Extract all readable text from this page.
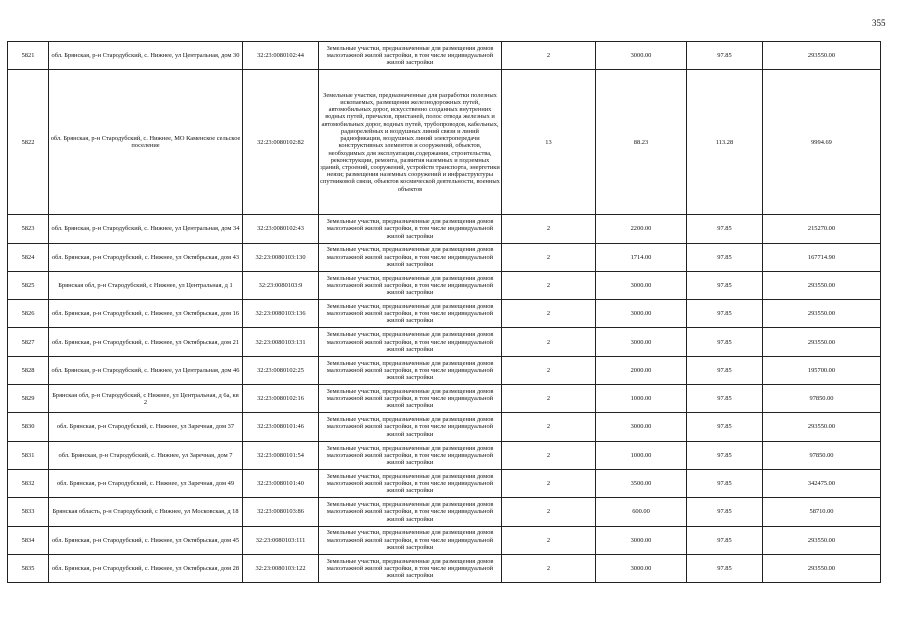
355
5821	обл. Брянская, р-н Стародубский, с. Нижнее, ул Центральная, дом 30	32:23:0080102:44	Земельные участки, предназначенные для размещения домов малоэтажной жилой застройки, в том числе индивидуальной жилой застройки	2	3000.00	97.85	293550.00
5822	обл. Брянская, р-н Стародубский, с. Нижнее, МО Каменское сельское поселение	32:23:0080102:82	Земельные участки, предназначенные для разработки полезных ископаемых, размещения железнодорожных путей, автомобильных дорог, искусственно созданных внутренних водных путей, причалов, пристаней, полос отвода железных и автомобильных дорог, водных путей, трубопроводов, кабельных, радиорелейных и воздушных линий связи и линий радиофикации, воздушных линий электропередачи конструктивных элементов и сооружений, объектов, необходимых для эксплуатации,содержания, строительства, реконструкции, ремонта, развития наземных и подземных зданий, строений, сооружений, устройств транспорта, энергетики неязи; размещения наземных сооружений и инфраструктуры спутниковой связи, объектов космической деятельности, военных объектов	13	88.23	113.28	9994.69
5823	обл. Брянская, р-н Стародубский, с. Нижнее, ул Центральная, дом 34	32:23:0080102:43	Земельные участки, предназначенные для размещения домов малоэтажной жилой застройки, в том числе индивидуальной жилой застройки	2	2200.00	97.85	215270.00
5824	обл. Брянская, р-н Стародубский, с. Нижнее, ул Октябрьская, дом 43	32:23:0080103:130	Земельные участки, предназначенные для размещения домов малоэтажной жилой застройки, в том числе индивидуальной жилой застройки	2	1714.00	97.85	167714.90
5825	Брянская обл, р-н Стародубский, с Нижнее, ул Центральная, д 1	32:23:0080103:9	Земельные участки, предназначенные для размещения домов малоэтажной жилой застройки, в том числе индивидуальной жилой застройки	2	3000.00	97.85	293550.00
5826	обл. Брянская, р-н Стародубский, с. Нижнее, ул Октябрьская, дом 16	32:23:0080103:136	Земельные участки, предназначенные для размещения домов малоэтажной жилой застройки, в том числе индивидуальной жилой застройки	2	3000.00	97.85	293550.00
5827	обл. Брянская, р-н Стародубский, с. Нижнее, ул Октябрьская, дом 21	32:23:0080103:131	Земельные участки, предназначенные для размещения домов малоэтажной жилой застройки, в том числе индивидуальной жилой застройки	2	3000.00	97.85	293550.00
5828	обл. Брянская, р-н Стародубский, с. Нижнее, ул Центральная, дом 46	32:23:0080102:25	Земельные участки, предназначенные для размещения домов малоэтажной жилой застройки, в том числе индивидуальной жилой застройки	2	2000.00	97.85	195700.00
5829	Брянская обл, р-н Стародубский, с Нижнее, ул Центральная, д 6а, кв 2	32:23:0080102:16	Земельные участки, предназначенные для размещения домов малоэтажной жилой застройки, в том числе индивидуальной жилой застройки	2	1000.00	97.85	97850.00
5830	обл. Брянская, р-н Стародубский, с. Нижнее, ул Заречная, дом 37	32:23:0080101:46	Земельные участки, предназначенные для размещения домов малоэтажной жилой застройки, в том числе индивидуальной жилой застройки	2	3000.00	97.85	293550.00
5831	обл. Брянская, р-н Стародубский, с. Нижнее, ул Заречная, дом 7	32:23:0080101:54	Земельные участки, предназначенные для размещения домов малоэтажной жилой застройки, в том числе индивидуальной жилой застройки	2	1000.00	97.85	97850.00
5832	обл. Брянская, р-н Стародубский, с. Нижнее, ул Заречная, дом 49	32:23:0080101:40	Земельные участки, предназначенные для размещения домов малоэтажной жилой застройки, в том числе индивидуальной жилой застройки	2	3500.00	97.85	342475.00
5833	Брянская область, р-н Стародубский, с Нижнее, ул Московская, д 18	32:23:0080103:86	Земельные участки, предназначенные для размещения домов малоэтажной жилой застройки, в том числе индивидуальной жилой застройки	2	600.00	97.85	58710.00
5834	обл. Брянская, р-н Стародубский, с. Нижнее, ул Октябрьская, дом 45	32:23:0080103:111	Земельные участки, предназначенные для размещения домов малоэтажной жилой застройки, в том числе индивидуальной жилой застройки	2	3000.00	97.85	293550.00
5835	обл. Брянская, р-н Стародубский, с. Нижнее, ул Октябрьская, дом 28	32:23:0080103:122	Земельные участки, предназначенные для размещения домов малоэтажной жилой застройки, в том числе индивидуальной жилой застройки	2	3000.00	97.85	293550.00
